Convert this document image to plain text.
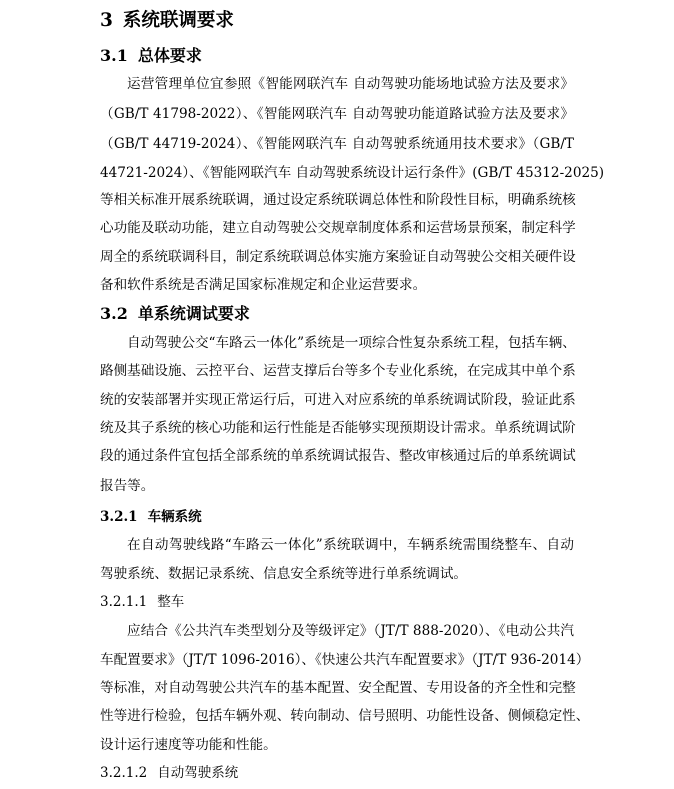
3 系统联调要求
3.1 总体要求
运营管理单位宜参照《智能网联汽车 自动驾驶功能场地试验方法及要求》
（GB/T 41798-2022）、《智能网联汽车 自动驾驶功能道路试验方法及要求》
（GB/T 44719-2024）、《智能网联汽车 自动驾驶系统通用技术要求》（GB/T
44721-2024）、《智能网联汽车 自动驾驶系统设计运行条件》(GB/T 45312-2025)
等相关标准开展系统联调，通过设定系统联调总体性和阶段性目标，明确系统核
心功能及联动功能，建立自动驾驶公交规章制度体系和运营场景预案，制定科学
周全的系统联调科目，制定系统联调总体实施方案验证自动驾驶公交相关硬件设
备和软件系统是否满足国家标准规定和企业运营要求。
3.2 单系统调试要求
自动驾驶公交“车路云一体化”系统是一项综合性复杂系统工程，包括车辆、
路侧基础设施、云控平台、运营支撑后台等多个专业化系统，在完成其中单个系
统的安装部署并实现正常运行后，可进入对应系统的单系统调试阶段，验证此系
统及其子系统的核心功能和运行性能是否能够实现预期设计需求。单系统调试阶
段的通过条件宜包括全部系统的单系统调试报告、整改审核通过后的单系统调试
报告等。
3.2.1 车辆系统
在自动驾驶线路“车路云一体化”系统联调中，车辆系统需围绕整车、自动
驾驶系统、数据记录系统、信息安全系统等进行单系统调试。
3.2.1.1 整车
应结合《公共汽车类型划分及等级评定》（JT/T 888-2020）、《电动公共汽
车配置要求》（JT/T 1096-2016）、《快速公共汽车配置要求》（JT/T 936-2014）
等标准，对自动驾驶公共汽车的基本配置、安全配置、专用设备的齐全性和完整
性等进行检验，包括车辆外观、转向制动、信号照明、功能性设备、侧倾稳定性、
设计运行速度等功能和性能。
3.2.1.2 自动驾驶系统
